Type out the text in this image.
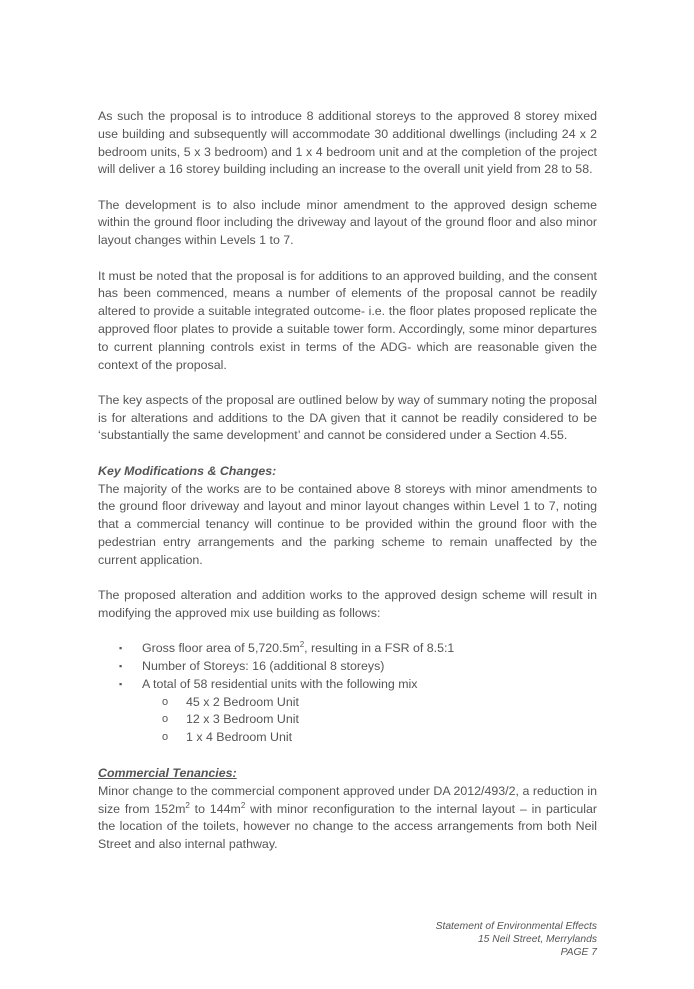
As such the proposal is to introduce 8 additional storeys to the approved 8 storey mixed use building and subsequently will accommodate 30 additional dwellings (including 24 x 2 bedroom units, 5 x 3 bedroom) and 1 x 4 bedroom unit and at the completion of the project will deliver a 16 storey building including an increase to the overall unit yield from 28 to 58.

The development is to also include minor amendment to the approved design scheme within the ground floor including the driveway and layout of the ground floor and also minor layout changes within Levels 1 to 7.

It must be noted that the proposal is for additions to an approved building, and the consent has been commenced, means a number of elements of the proposal cannot be readily altered to provide a suitable integrated outcome- i.e. the floor plates proposed replicate the approved floor plates to provide a suitable tower form. Accordingly, some minor departures to current planning controls exist in terms of the ADG- which are reasonable given the context of the proposal.

The key aspects of the proposal are outlined below by way of summary noting the proposal is for alterations and additions to the DA given that it cannot be readily considered to be ‘substantially the same development’ and cannot be considered under a Section 4.55.

Key Modifications & Changes:

The majority of the works are to be contained above 8 storeys with minor amendments to the ground floor driveway and layout and minor layout changes within Level 1 to 7, noting that a commercial tenancy will continue to be provided within the ground floor with the pedestrian entry arrangements and the parking scheme to remain unaffected by the current application.

The proposed alteration and addition works to the approved design scheme will result in modifying the approved mix use building as follows:

▪ Gross floor area of $5,720.5m^2$, resulting in a FSR of 8.5:1
▪ Number of Storeys: 16 (additional 8 storeys)
▪ A total of 58 residential units with the following mix
o 45 x 2 Bedroom Unit
o 12 x 3 Bedroom Unit
o 1 x 4 Bedroom Unit
Commercial Tenancies:

Minor change to the commercial component approved under DA 2012/493/2, a reduction in size from $152m^2$ to $144m^2$ with minor reconfiguration to the internal layout – in particular the location of the toilets, however no change to the access arrangements from both Neil Street and also internal pathway.

Statement of Environmental Effects
15 Neil Street, Merrylands
PAGE 7
